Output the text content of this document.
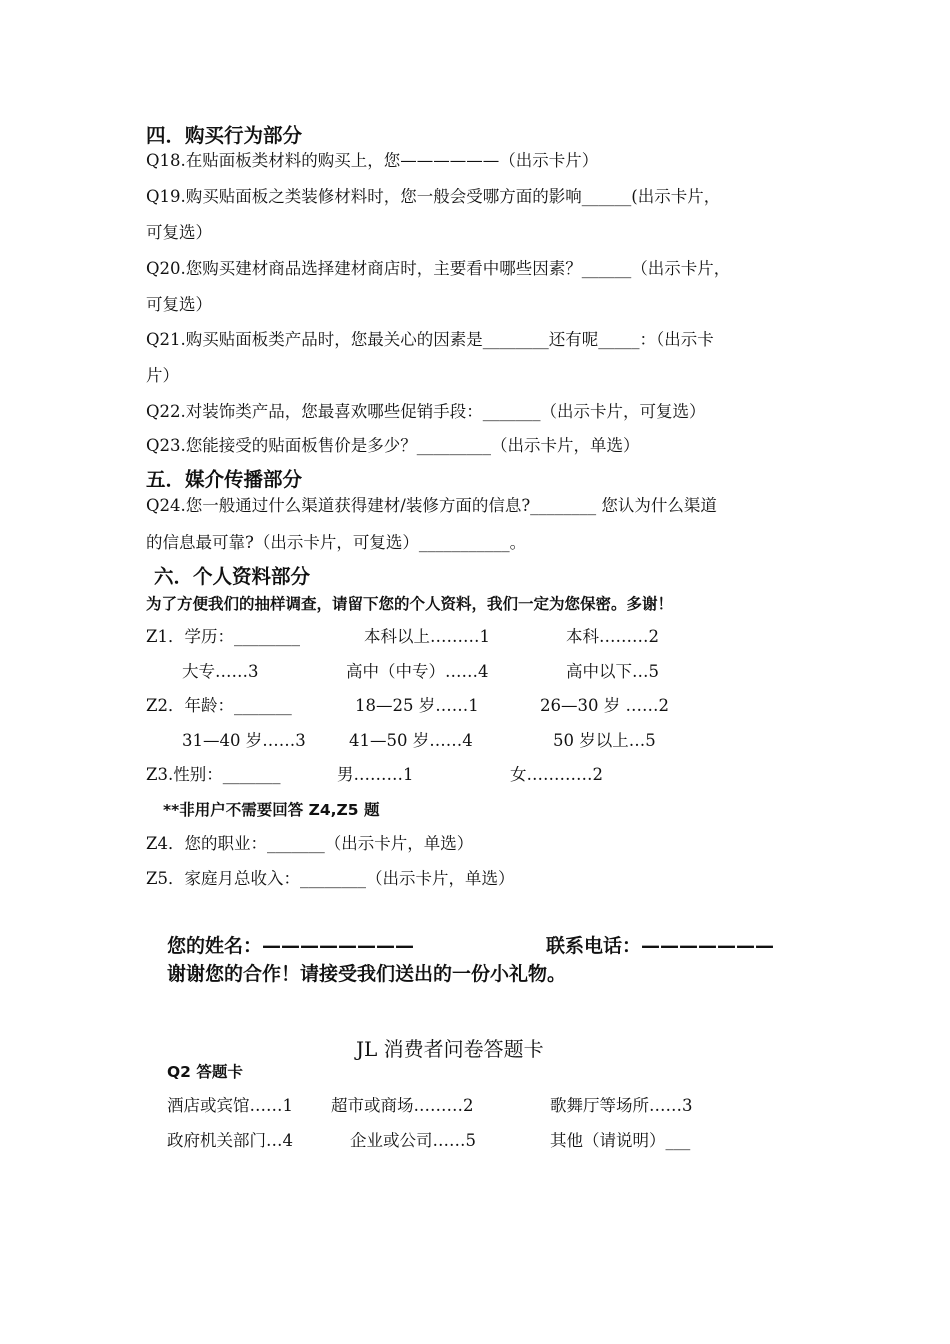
四．购买行为部分
Q18.在贴面板类材料的购买上，您——————（出示卡片）
Q19.购买贴面板之类装修材料时，您一般会受哪方面的影响______(出示卡片，
可复选）
Q20.您购买建材商品选择建材商店时，主要看中哪些因素？______（出示卡片，
可复选）
Q21.购买贴面板类产品时，您最关心的因素是________还有呢_____：（出示卡
片）
Q22.对装饰类产品，您最喜欢哪些促销手段：_______（出示卡片，可复选）
Q23.您能接受的贴面板售价是多少？_________（出示卡片，单选）
五．媒介传播部分
Q24.您一般通过什么渠道获得建材/装修方面的信息?________ 您认为什么渠道
的信息最可靠?（出示卡片，可复选）___________。
六．个人资料部分
为了方便我们的抽样调查，请留下您的个人资料，我们一定为您保密。多谢！
Z1．学历：________	本科以上………1	本科………2
大专……3	高中（中专）……4	高中以下…5
Z2．年龄：_______	18—25 岁……1	26—30 岁 ……2
31—40 岁……3	41—50 岁……4	50 岁以上…5
Z3.性别：_______	男………1	女…………2
**非用户不需要回答 Z4,Z5 题
Z4．您的职业：_______（出示卡片，单选）
Z5．家庭月总收入：________（出示卡片，单选）
您的姓名：————————	联系电话：———————
谢谢您的合作！请接受我们送出的一份小礼物。
JL 消费者问卷答题卡
Q2 答题卡
酒店或宾馆……1 超市或商场………2	歌舞厅等场所……3
政府机关部门…4	企业或公司……5	其他（请说明）___
